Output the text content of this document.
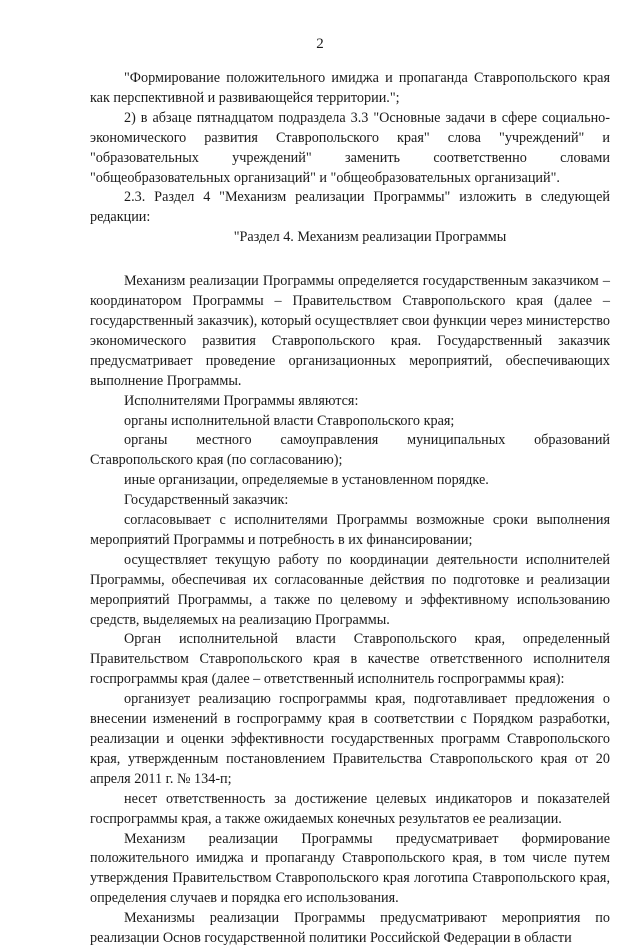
2

"Формирование положительного имиджа и пропаганда Ставропольского края как перспективной и развивающейся территории.";

2) в абзаце пятнадцатом подраздела 3.3 "Основные задачи в сфере социально-экономического развития Ставропольского края" слова "учреждений" и "образовательных учреждений" заменить соответственно словами "общеобразовательных организаций" и "общеобразовательных организаций".

2.3. Раздел 4 "Механизм реализации Программы" изложить в следующей редакции:

"Раздел 4. Механизм реализации Программы

Механизм реализации Программы определяется государственным заказчиком – координатором Программы – Правительством Ставропольского края (далее – государственный заказчик), который осуществляет свои функции через министерство экономического развития Ставропольского края. Государственный заказчик предусматривает проведение организационных мероприятий, обеспечивающих выполнение Программы.

Исполнителями Программы являются:

органы исполнительной власти Ставропольского края;

органы местного самоуправления муниципальных образований Ставропольского края (по согласованию);

иные организации, определяемые в установленном порядке.

Государственный заказчик:

согласовывает с исполнителями Программы возможные сроки выполнения мероприятий Программы и потребность в их финансировании;

осуществляет текущую работу по координации деятельности исполнителей Программы, обеспечивая их согласованные действия по подготовке и реализации мероприятий Программы, а также по целевому и эффективному использованию средств, выделяемых на реализацию Программы.

Орган исполнительной власти Ставропольского края, определенный Правительством Ставропольского края в качестве ответственного исполнителя госпрограммы края (далее – ответственный исполнитель госпрограммы края):

организует реализацию госпрограммы края, подготавливает предложения о внесении изменений в госпрограмму края в соответствии с Порядком разработки, реализации и оценки эффективности государственных программ Ставропольского края, утвержденным постановлением Правительства Ставропольского края от 20 апреля 2011 г. № 134-п;

несет ответственность за достижение целевых индикаторов и показателей госпрограммы края, а также ожидаемых конечных результатов ее реализации.

Механизм реализации Программы предусматривает формирование положительного имиджа и пропаганду Ставропольского края, в том числе путем утверждения Правительством Ставропольского края логотипа Ставропольского края, определения случаев и порядка его использования.

Механизмы реализации Программы предусматривают мероприятия по реализации Основ государственной политики Российской Федерации в области
